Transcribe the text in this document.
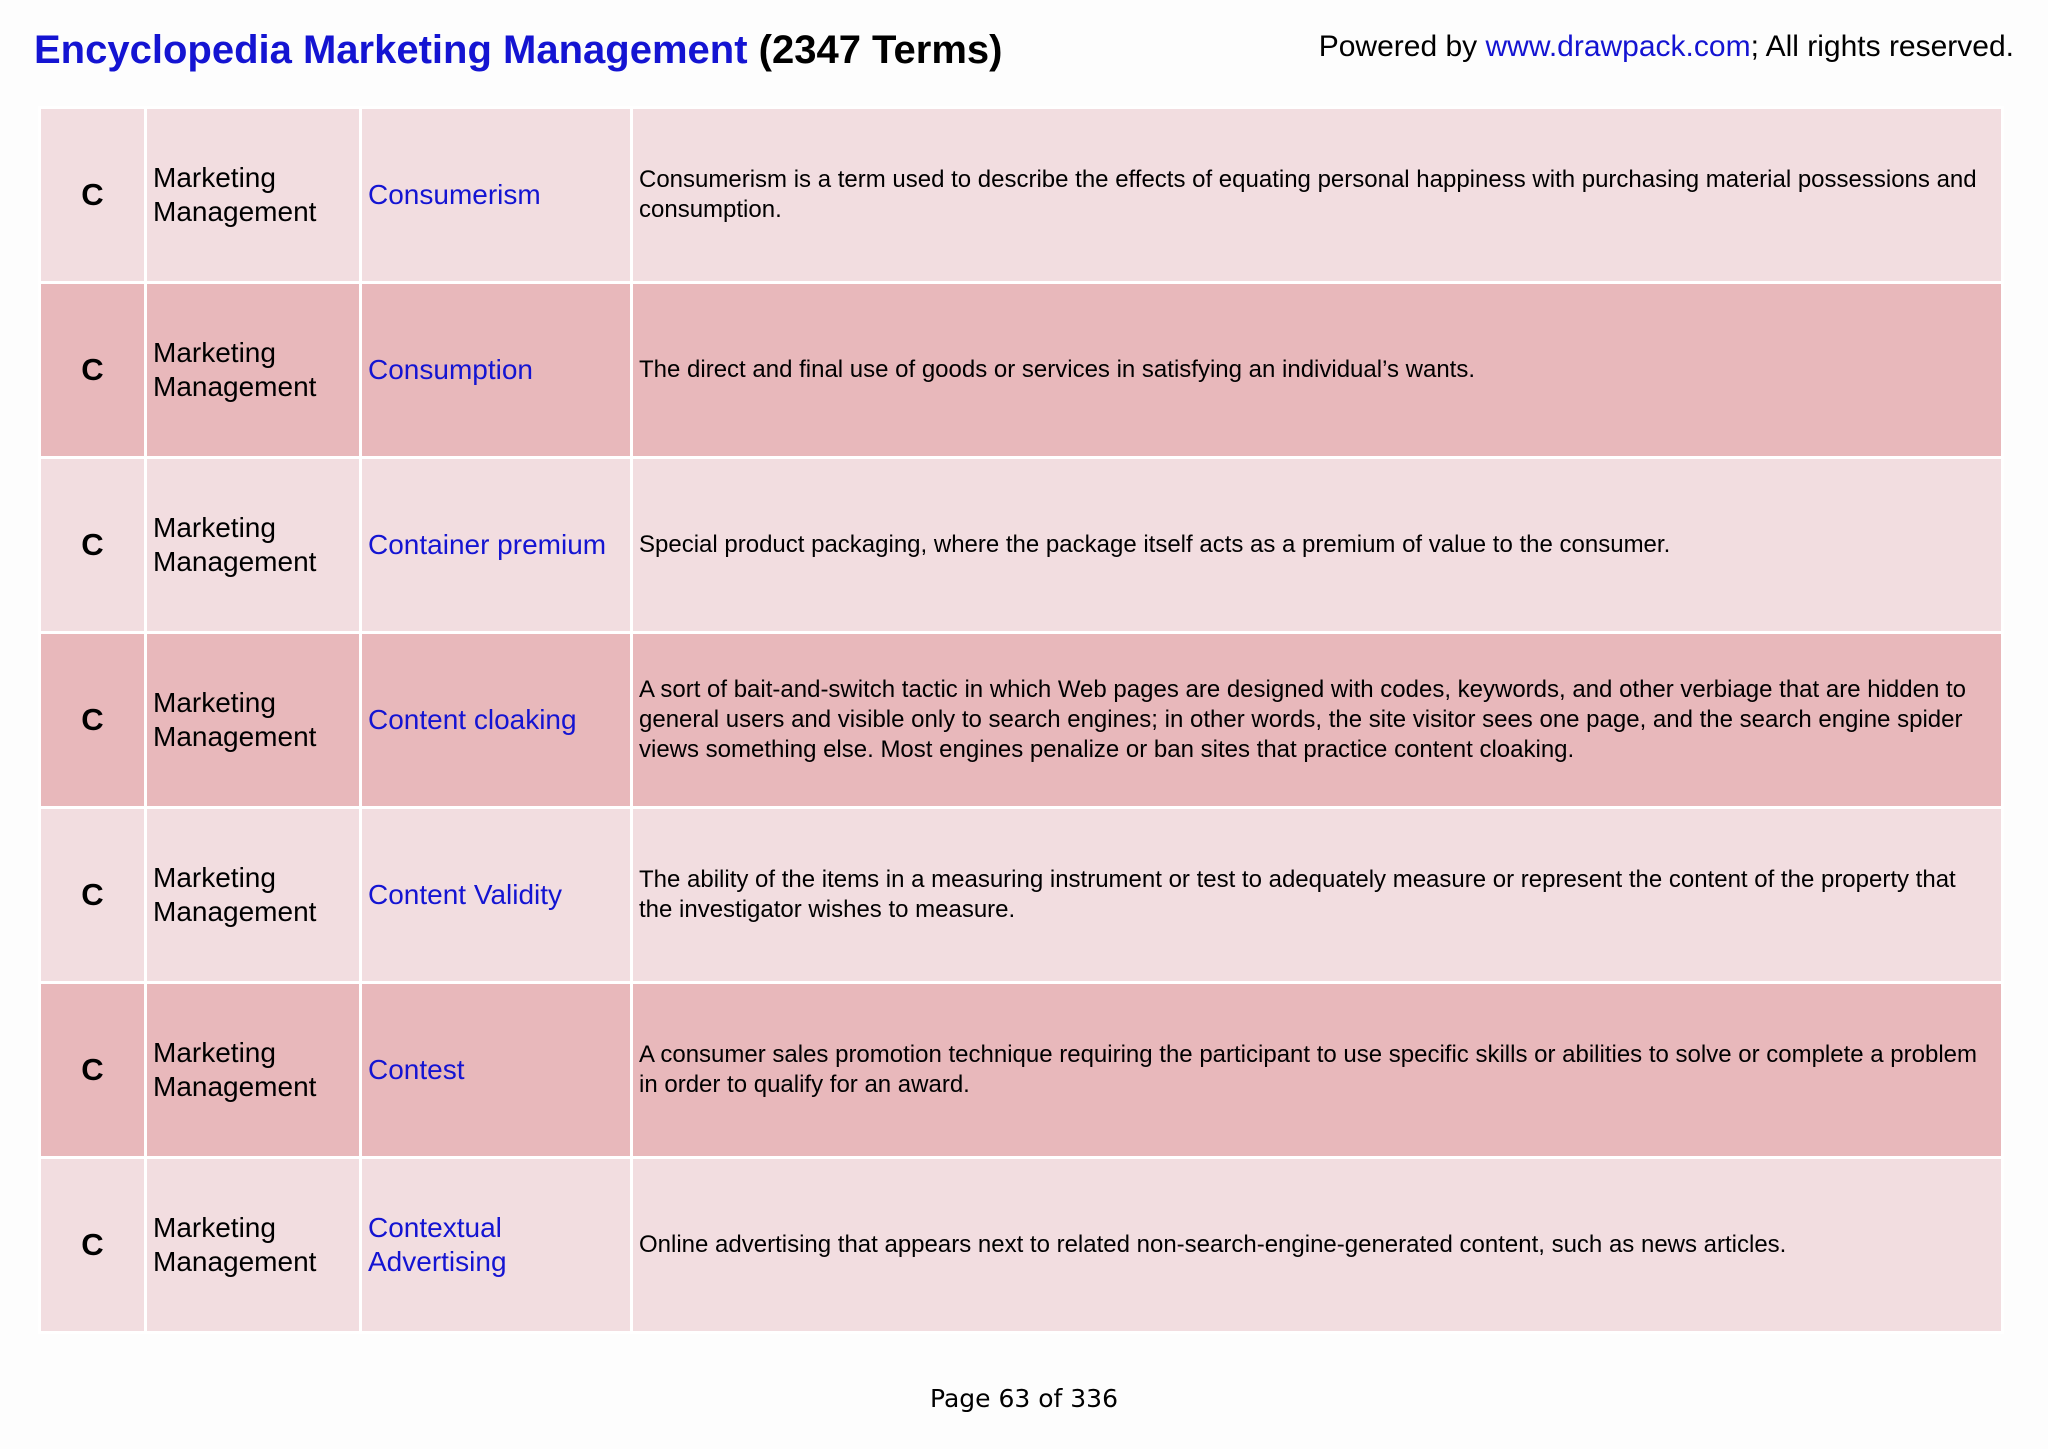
Encyclopedia Marketing Management (2347 Terms)	Powered by www.drawpack.com; All rights reserved.
C	Marketing Management	Consumerism	Consumerism is a term used to describe the effects of equating personal happiness with purchasing material possessions and consumption.
C	Marketing Management	Consumption	The direct and final use of goods or services in satisfying an individual’s wants.
C	Marketing Management	Container premium	Special product packaging, where the package itself acts as a premium of value to the consumer.
C	Marketing Management	Content cloaking	A sort of bait-and-switch tactic in which Web pages are designed with codes, keywords, and other verbiage that are hidden to general users and visible only to search engines; in other words, the site visitor sees one page, and the search engine spider views something else. Most engines penalize or ban sites that practice content cloaking.
C	Marketing Management	Content Validity	The ability of the items in a measuring instrument or test to adequately measure or represent the content of the property that the investigator wishes to measure.
C	Marketing Management	Contest	A consumer sales promotion technique requiring the participant to use specific skills or abilities to solve or complete a problem in order to qualify for an award.
C	Marketing Management	Contextual Advertising	Online advertising that appears next to related non-search-engine-generated content, such as news articles.
Page 63 of 336
